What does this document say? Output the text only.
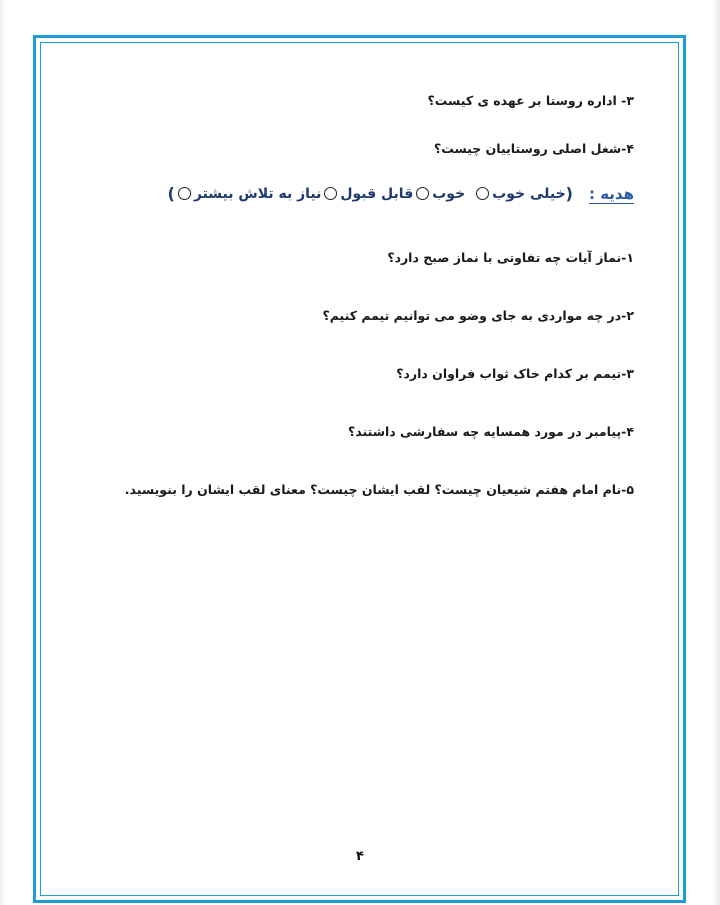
۳- اداره روستا بر عهده ی کیست؟
۴-شغل اصلی روستاییان چیست؟
هدیه :
(
خیلی خوب
خوب
قابل قبول
نیاز به تلاش بیشتر
)
۱-نماز آیات چه تفاوتی با نماز صبح دارد؟
۲-در چه مواردی به جای وضو می توانیم تیمم کنیم؟
۳-تیمم بر کدام خاک ثواب فراوان دارد؟
۴-پیامبر در مورد همسایه چه سفارشی داشتند؟
۵-نام امام هفتم شیعیان چیست؟ لقب ایشان چیست؟ معنای لقب ایشان را بنویسید.
۴
